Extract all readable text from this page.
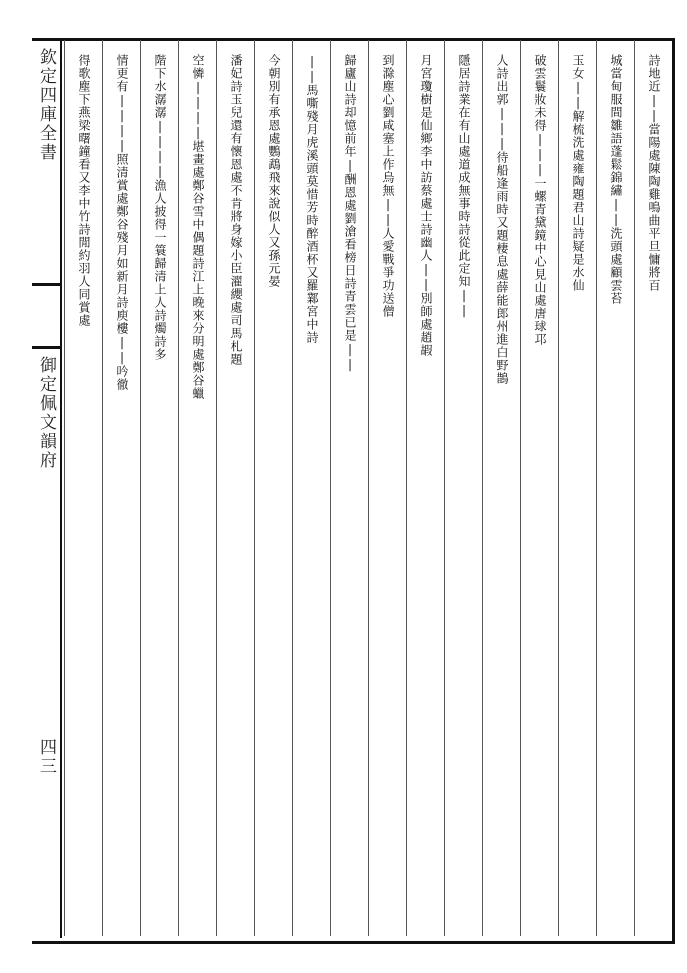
欽定四庫全書
御定佩文韻府
四三
詩地近||當陽處陳陶雞鳴曲平旦慵將百
城當甸服間雛語蓬鬆錦繡||洗頭處顧雲苔
玉女||解梳洗處雍陶題君山詩疑是水仙
破雲鬟妝未得|||一螺青黛鏡中心見山處唐球邛
人詩出郭|||待船逢雨時又題棲息處薛能郎州進白野鵲
隱居詩業在有山處道成無事時詩從此定知||
月宮瓊樹是仙鄉李中訪蔡處士詩幽人||別師處趙嘏
到滁塵心劉咸塞上作烏無||人愛戰爭功送僧
歸廬山詩却憶前年|酬恩處劉滄看榜日詩青雲已是||
||馬嘶殘月虎溪頭莫惜芳時醉酒杯又羅鄴宮中詩
今朝別有承恩處鸚鵡飛來說似人又孫元晏
潘妃詩玉兒還有懷恩處不肯將身嫁小臣濯纓處司馬札題
空憐||||堪畫處鄭谷雪中偶題詩江上晚來分明處鄭谷蠟
階下水潺潺||||漁人披得一簑歸清上人詩燭詩多
情更有||||照清賞處鄭谷殘月如新月詩庾樓||吟徹
得歌塵下燕梁曙鐘看又李中竹詩閒約羽人同賞處
